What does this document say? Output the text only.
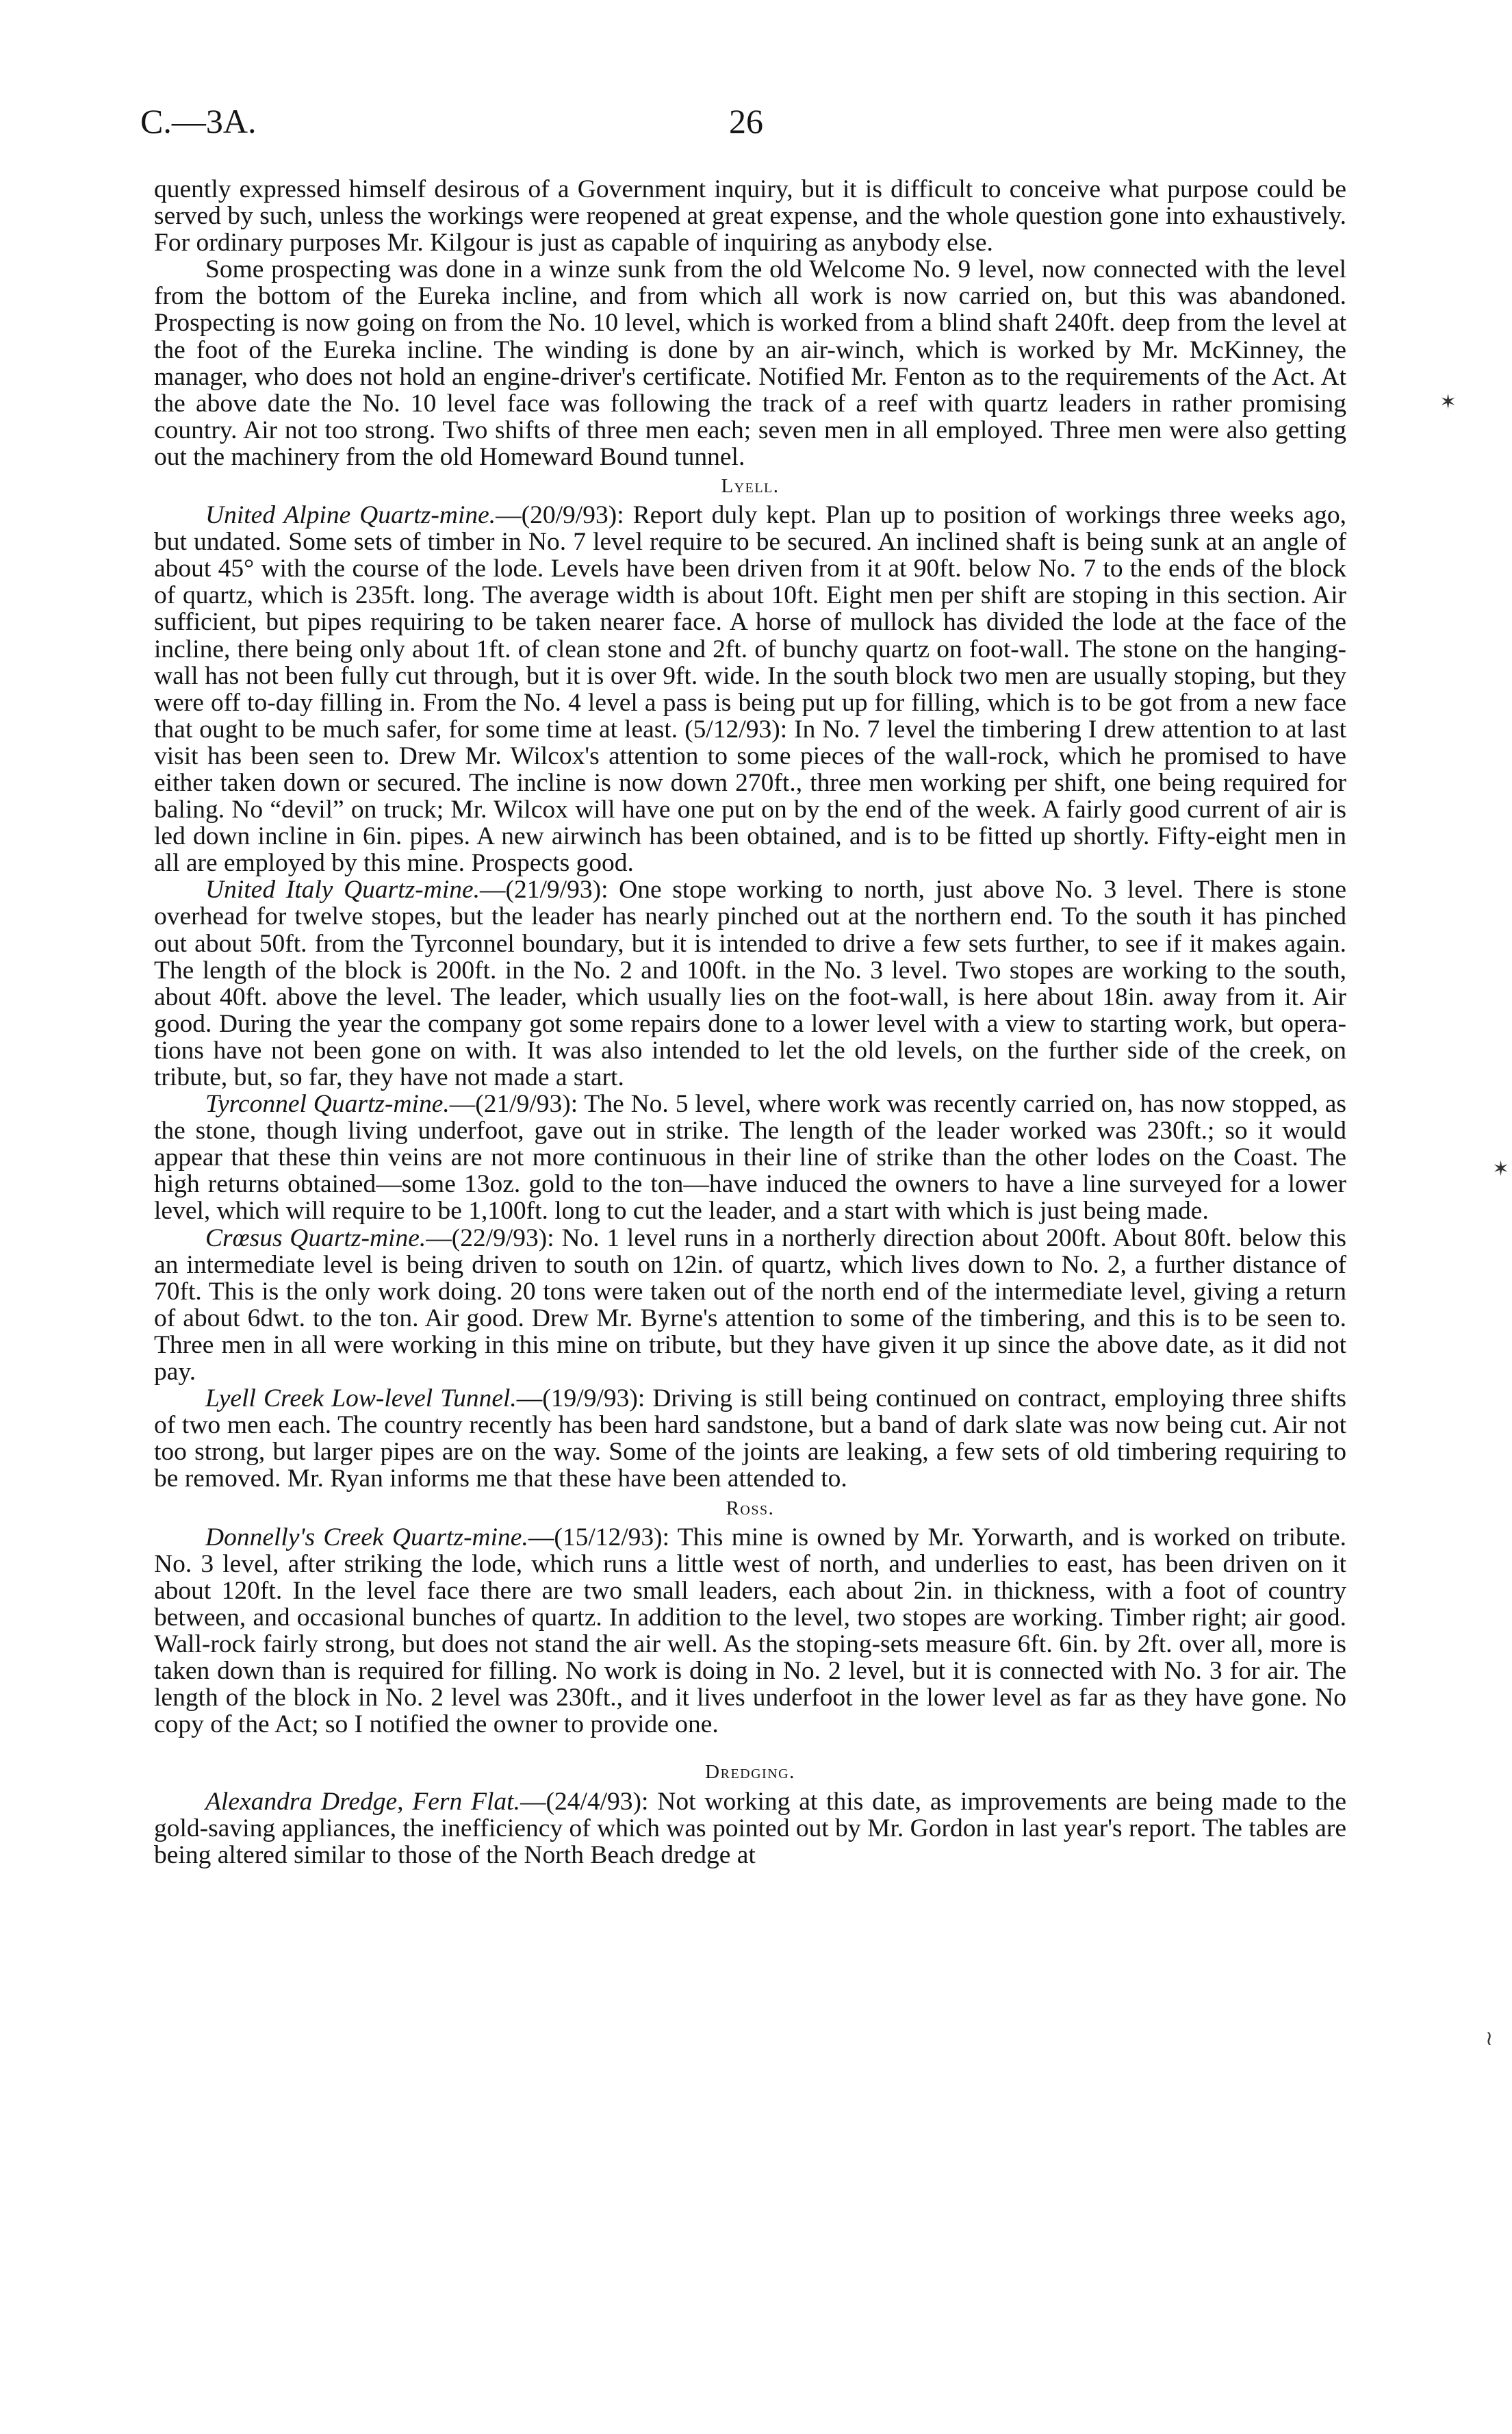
C.—3A.	26

quently expressed himself desirous of a Government inquiry, but it is difficult to conceive what purpose could be served by such, unless the workings were reopened at great expense, and the whole question gone into exhaustively. For ordinary purposes Mr. Kilgour is just as capable of inquiring as anybody else.

Some prospecting was done in a winze sunk from the old Welcome No. 9 level, now connected with the level from the bottom of the Eureka incline, and from which all work is now carried on, but this was abandoned. Prospecting is now going on from the No. 10 level, which is worked from a blind shaft 240ft. deep from the level at the foot of the Eureka incline. The winding is done by an air-winch, which is worked by Mr. McKinney, the manager, who does not hold an engine-driver's certificate. Notified Mr. Fenton as to the requirements of the Act. At the above date the No. 10 level face was following the track of a reef with quartz leaders in rather promising country. Air not too strong. Two shifts of three men each; seven men in all employed. Three men were also getting out the machinery from the old Homeward Bound tunnel.

Lyell.

United Alpine Quartz-mine.—(20/9/93): Report duly kept. Plan up to position of workings three weeks ago, but undated. Some sets of timber in No. 7 level require to be secured. An inclined shaft is being sunk at an angle of about 45° with the course of the lode. Levels have been driven from it at 90ft. below No. 7 to the ends of the block of quartz, which is 235ft. long. The average width is about 10ft. Eight men per shift are stoping in this section. Air sufficient, but pipes requiring to be taken nearer face. A horse of mullock has divided the lode at the face of the incline, there being only about 1ft. of clean stone and 2ft. of bunchy quartz on foot-wall. The stone on the hanging-wall has not been fully cut through, but it is over 9ft. wide. In the south block two men are usually stoping, but they were off to-day filling in. From the No. 4 level a pass is being put up for filling, which is to be got from a new face that ought to be much safer, for some time at least. (5/12/93): In No. 7 level the timbering I drew attention to at last visit has been seen to. Drew Mr. Wilcox's attention to some pieces of the wall-rock, which he promised to have either taken down or secured. The incline is now down 270ft., three men working per shift, one being required for baling. No “devil” on truck; Mr. Wilcox will have one put on by the end of the week. A fairly good current of air is led down incline in 6in. pipes. A new airwinch has been obtained, and is to be fitted up shortly. Fifty-eight men in all are employed by this mine. Prospects good.

United Italy Quartz-mine.—(21/9/93): One stope working to north, just above No. 3 level. There is stone overhead for twelve stopes, but the leader has nearly pinched out at the northern end. To the south it has pinched out about 50ft. from the Tyrconnel boundary, but it is intended to drive a few sets further, to see if it makes again. The length of the block is 200ft. in the No. 2 and 100ft. in the No. 3 level. Two stopes are working to the south, about 40ft. above the level. The leader, which usually lies on the foot-wall, is here about 18in. away from it. Air good. During the year the company got some repairs done to a lower level with a view to starting work, but operations have not been gone on with. It was also intended to let the old levels, on the further side of the creek, on tribute, but, so far, they have not made a start.

Tyrconnel Quartz-mine.—(21/9/93): The No. 5 level, where work was recently carried on, has now stopped, as the stone, though living underfoot, gave out in strike. The length of the leader worked was 230ft.; so it would appear that these thin veins are not more continuous in their line of strike than the other lodes on the Coast. The high returns obtained—some 13oz. gold to the ton—have induced the owners to have a line surveyed for a lower level, which will require to be 1,100ft. long to cut the leader, and a start with which is just being made.

Crœsus Quartz-mine.—(22/9/93): No. 1 level runs in a northerly direction about 200ft. About 80ft. below this an intermediate level is being driven to south on 12in. of quartz, which lives down to No. 2, a further distance of 70ft. This is the only work doing. 20 tons were taken out of the north end of the intermediate level, giving a return of about 6dwt. to the ton. Air good. Drew Mr. Byrne's attention to some of the timbering, and this is to be seen to. Three men in all were working in this mine on tribute, but they have given it up since the above date, as it did not pay.

Lyell Creek Low-level Tunnel.—(19/9/93): Driving is still being continued on contract, employing three shifts of two men each. The country recently has been hard sandstone, but a band of dark slate was now being cut. Air not too strong, but larger pipes are on the way. Some of the joints are leaking, a few sets of old timbering requiring to be removed. Mr. Ryan informs me that these have been attended to.

Ross.

Donnelly's Creek Quartz-mine.—(15/12/93): This mine is owned by Mr. Yorwarth, and is worked on tribute. No. 3 level, after striking the lode, which runs a little west of north, and underlies to east, has been driven on it about 120ft. In the level face there are two small leaders, each about 2in. in thickness, with a foot of country between, and occasional bunches of quartz. In addition to the level, two stopes are working. Timber right; air good. Wall-rock fairly strong, but does not stand the air well. As the stoping-sets measure 6ft. 6in. by 2ft. over all, more is taken down than is required for filling. No work is doing in No. 2 level, but it is connected with No. 3 for air. The length of the block in No. 2 level was 230ft., and it lives underfoot in the lower level as far as they have gone. No copy of the Act; so I notified the owner to provide one.

Dredging.

Alexandra Dredge, Fern Flat.—(24/4/93): Not working at this date, as improvements are being made to the gold-saving appliances, the inefficiency of which was pointed out by Mr. Gordon in last year's report. The tables are being altered similar to those of the North Beach dredge at

✶
✶
≀
